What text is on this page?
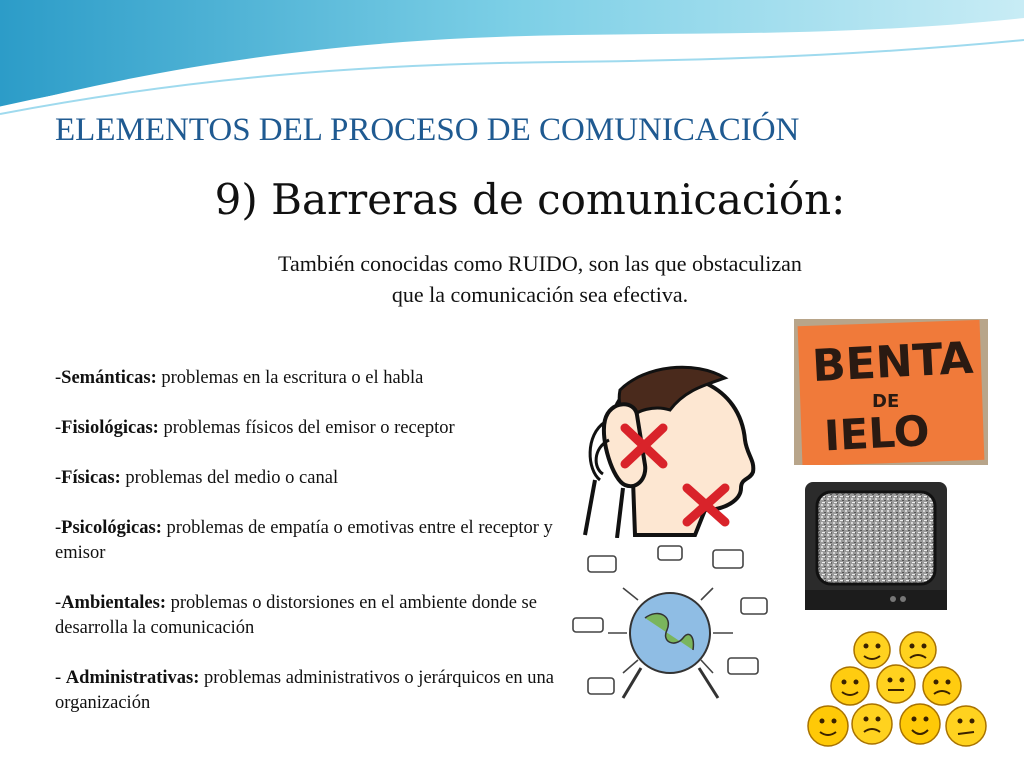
ELEMENTOS DEL PROCESO DE COMUNICACIÓN
9) Barreras de comunicación:
También conocidas como RUIDO, son las que obstaculizan
que la comunicación sea efectiva.
-Semánticas: problemas en la escritura o el habla
-Fisiológicas: problemas físicos del emisor o receptor
-Físicas: problemas del medio o canal
-Psicológicas: problemas de empatía o emotivas entre el receptor y emisor
-Ambientales: problemas o distorsiones en el ambiente donde se desarrolla la comunicación
- Administrativas: problemas administrativos o jerárquicos en una organización
BENTA
DE
IELO
